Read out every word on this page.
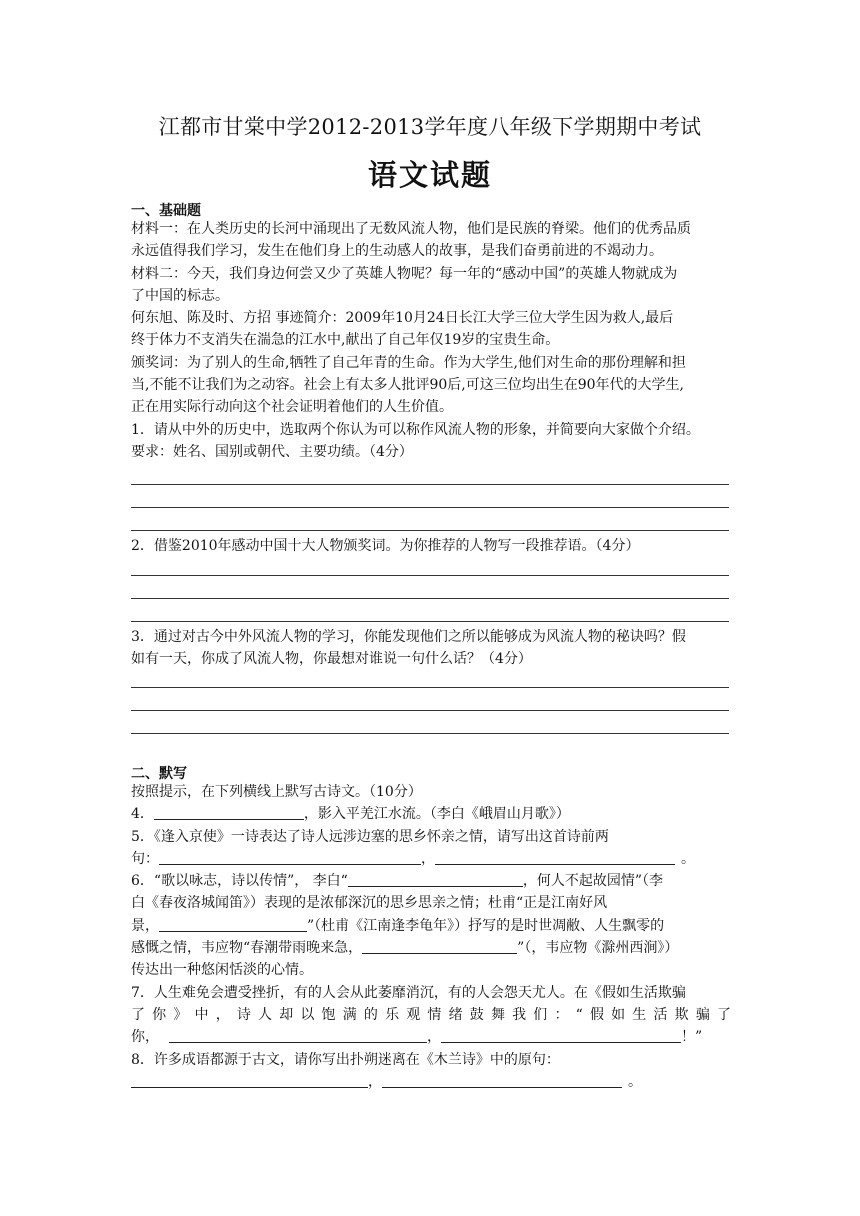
江都市甘棠中学2012-2013学年度八年级下学期期中考试
语文试题
一、基础题
材料一：在人类历史的长河中涌现出了无数风流人物，他们是民族的脊梁。他们的优秀品质
永远值得我们学习，发生在他们身上的生动感人的故事，是我们奋勇前进的不竭动力。
材料二：今天，我们身边何尝又少了英雄人物呢？每一年的“感动中国”的英雄人物就成为
了中国的标志。
何东旭、陈及时、方招 事迹简介：2009年10月24日长江大学三位大学生因为救人,最后
终于体力不支消失在湍急的江水中,献出了自己年仅19岁的宝贵生命。
颁奖词：为了别人的生命,牺牲了自己年青的生命。作为大学生,他们对生命的那份理解和担
当,不能不让我们为之动容。社会上有太多人批评90后,可这三位均出生在90年代的大学生,
正在用实际行动向这个社会证明着他们的人生价值。
1．请从中外的历史中，选取两个你认为可以称作风流人物的形象，并简要向大家做个介绍。
要求：姓名、国别或朝代、主要功绩。（4分）
2．借鉴2010年感动中国十大人物颁奖词。为你推荐的人物写一段推荐语。（4分）
3．通过对古今中外风流人物的学习，你能发现他们之所以能够成为风流人物的秘诀吗？假
如有一天，你成了风流人物，你最想对谁说一句什么话？（4分）
二、默写
按照提示，在下列横线上默写古诗文。（10分）
4．	，影入平羌江水流。（李白《峨眉山月歌》）
5．《逢入京使》一诗表达了诗人远涉边塞的思乡怀亲之情，请写出这首诗前两
句：	，	。
6．“歌以咏志，诗以传情”， 李白“	，何人不起故园情”（李
白《春夜洛城闻笛》）表现的是浓郁深沉的思乡思亲之情；杜甫“正是江南好风
景，	”（杜甫《江南逢李龟年》）抒写的是时世凋敝、人生飘零的
感慨之情，韦应物“春潮带雨晚来急，	”（，韦应物《滁州西涧》）
传达出一种悠闲恬淡的心情。
7．人生难免会遭受挫折，有的人会从此萎靡消沉，有的人会怨天尤人。在《假如生活欺骗
了你》中，诗人却以饱满的乐观情绪鼓舞我们：“假如生活欺骗了
你，	，	！”
8．许多成语都源于古文，请你写出扑朔迷离在《木兰诗》中的原句：
，	。
